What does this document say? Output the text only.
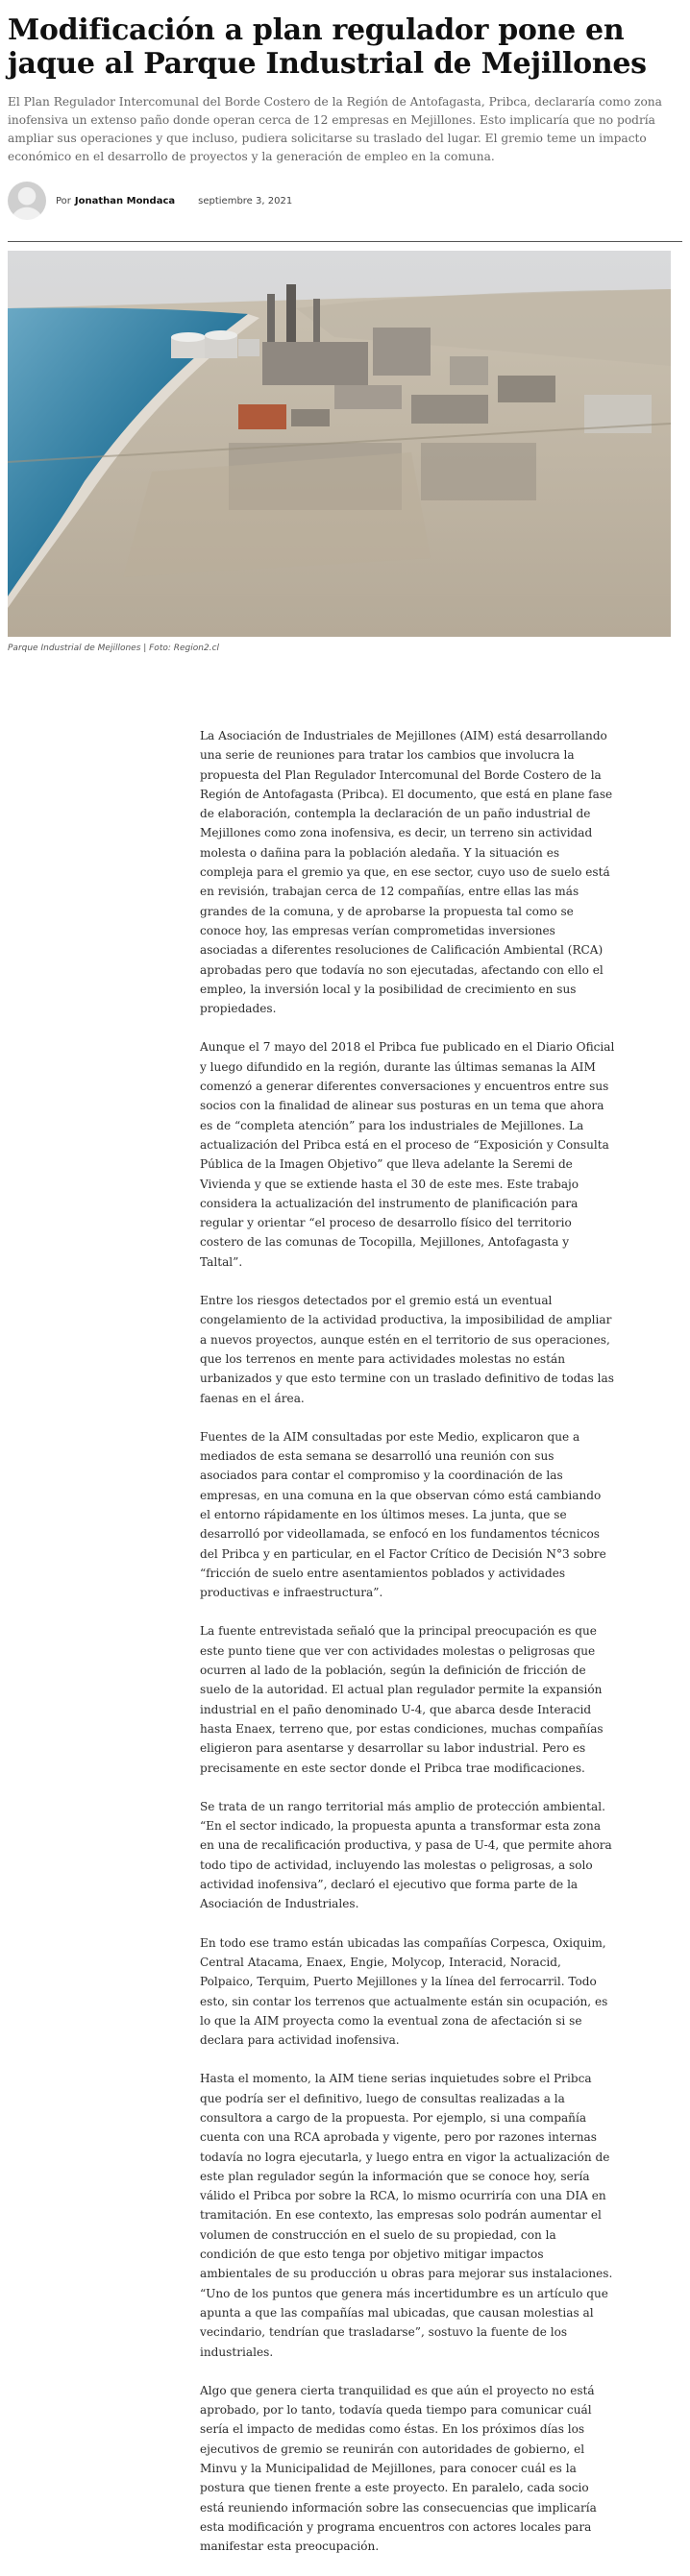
Modificación a plan regulador pone en jaque al Parque Industrial de Mejillones

El Plan Regulador Intercomunal del Borde Costero de la Región de Antofagasta, Pribca, declararía como zona inofensiva un extenso paño donde operan cerca de 12 empresas en Mejillones. Esto implicaría que no podría ampliar sus operaciones y que incluso, pudiera solicitarse su traslado del lugar. El gremio teme un impacto económico en el desarrollo de proyectos y la generación de empleo en la comuna.

Por Jonathan Mondaca septiembre 3, 2021
Parque Industrial de Mejillones | Foto: Region2.cl

La Asociación de Industriales de Mejillones (AIM) está desarrollando una serie de reuniones para tratar los cambios que involucra la propuesta del Plan Regulador Intercomunal del Borde Costero de la Región de Antofagasta (Pribca). El documento, que está en plane fase de elaboración, contempla la declaración de un paño industrial de Mejillones como zona inofensiva, es decir, un terreno sin actividad molesta o dañina para la población aledaña. Y la situación es compleja para el gremio ya que, en ese sector, cuyo uso de suelo está en revisión, trabajan cerca de 12 compañías, entre ellas las más grandes de la comuna, y de aprobarse la propuesta tal como se conoce hoy, las empresas verían comprometidas inversiones asociadas a diferentes resoluciones de Calificación Ambiental (RCA) aprobadas pero que todavía no son ejecutadas, afectando con ello el empleo, la inversión local y la posibilidad de crecimiento en sus propiedades.

Aunque el 7 mayo del 2018 el Pribca fue publicado en el Diario Oficial y luego difundido en la región, durante las últimas semanas la AIM comenzó a generar diferentes conversaciones y encuentros entre sus socios con la finalidad de alinear sus posturas en un tema que ahora es de “completa atención” para los industriales de Mejillones. La actualización del Pribca está en el proceso de “Exposición y Consulta Pública de la Imagen Objetivo” que lleva adelante la Seremi de Vivienda y que se extiende hasta el 30 de este mes. Este trabajo considera la actualización del instrumento de planificación para regular y orientar “el proceso de desarrollo físico del territorio costero de las comunas de Tocopilla, Mejillones, Antofagasta y Taltal”.

Entre los riesgos detectados por el gremio está un eventual congelamiento de la actividad productiva, la imposibilidad de ampliar a nuevos proyectos, aunque estén en el territorio de sus operaciones, que los terrenos en mente para actividades molestas no están urbanizados y que esto termine con un traslado definitivo de todas las faenas en el área.

Fuentes de la AIM consultadas por este Medio, explicaron que a mediados de esta semana se desarrolló una reunión con sus asociados para contar el compromiso y la coordinación de las empresas, en una comuna en la que observan cómo está cambiando el entorno rápidamente en los últimos meses. La junta, que se desarrolló por videollamada, se enfocó en los fundamentos técnicos del Pribca y en particular, en el Factor Crítico de Decisión N°3 sobre “fricción de suelo entre asentamientos poblados y actividades productivas e infraestructura”.

La fuente entrevistada señaló que la principal preocupación es que este punto tiene que ver con actividades molestas o peligrosas que ocurren al lado de la población, según la definición de fricción de suelo de la autoridad. El actual plan regulador permite la expansión industrial en el paño denominado U-4, que abarca desde Interacid hasta Enaex, terreno que, por estas condiciones, muchas compañías eligieron para asentarse y desarrollar su labor industrial. Pero es precisamente en este sector donde el Pribca trae modificaciones.

Se trata de un rango territorial más amplio de protección ambiental. “En el sector indicado, la propuesta apunta a transformar esta zona en una de recalificación productiva, y pasa de U-4, que permite ahora todo tipo de actividad, incluyendo las molestas o peligrosas, a solo actividad inofensiva”, declaró el ejecutivo que forma parte de la Asociación de Industriales.

En todo ese tramo están ubicadas las compañías Corpesca, Oxiquim, Central Atacama, Enaex, Engie, Molycop, Interacid, Noracid, Polpaico, Terquim, Puerto Mejillones y la línea del ferrocarril. Todo esto, sin contar los terrenos que actualmente están sin ocupación, es lo que la AIM proyecta como la eventual zona de afectación si se declara para actividad inofensiva.

Hasta el momento, la AIM tiene serias inquietudes sobre el Pribca que podría ser el definitivo, luego de consultas realizadas a la consultora a cargo de la propuesta. Por ejemplo, si una compañía cuenta con una RCA aprobada y vigente, pero por razones internas todavía no logra ejecutarla, y luego entra en vigor la actualización de este plan regulador según la información que se conoce hoy, sería válido el Pribca por sobre la RCA, lo mismo ocurriría con una DIA en tramitación. En ese contexto, las empresas solo podrán aumentar el volumen de construcción en el suelo de su propiedad, con la condición de que esto tenga por objetivo mitigar impactos ambientales de su producción u obras para mejorar sus instalaciones. “Uno de los puntos que genera más incertidumbre es un artículo que apunta a que las compañías mal ubicadas, que causan molestias al vecindario, tendrían que trasladarse”, sostuvo la fuente de los industriales.

Algo que genera cierta tranquilidad es que aún el proyecto no está aprobado, por lo tanto, todavía queda tiempo para comunicar cuál sería el impacto de medidas como éstas. En los próximos días los ejecutivos de gremio se reunirán con autoridades de gobierno, el Minvu y la Municipalidad de Mejillones, para conocer cuál es la postura que tienen frente a este proyecto. En paralelo, cada socio está reuniendo información sobre las consecuencias que implicaría esta modificación y programa encuentros con actores locales para manifestar esta preocupación.
